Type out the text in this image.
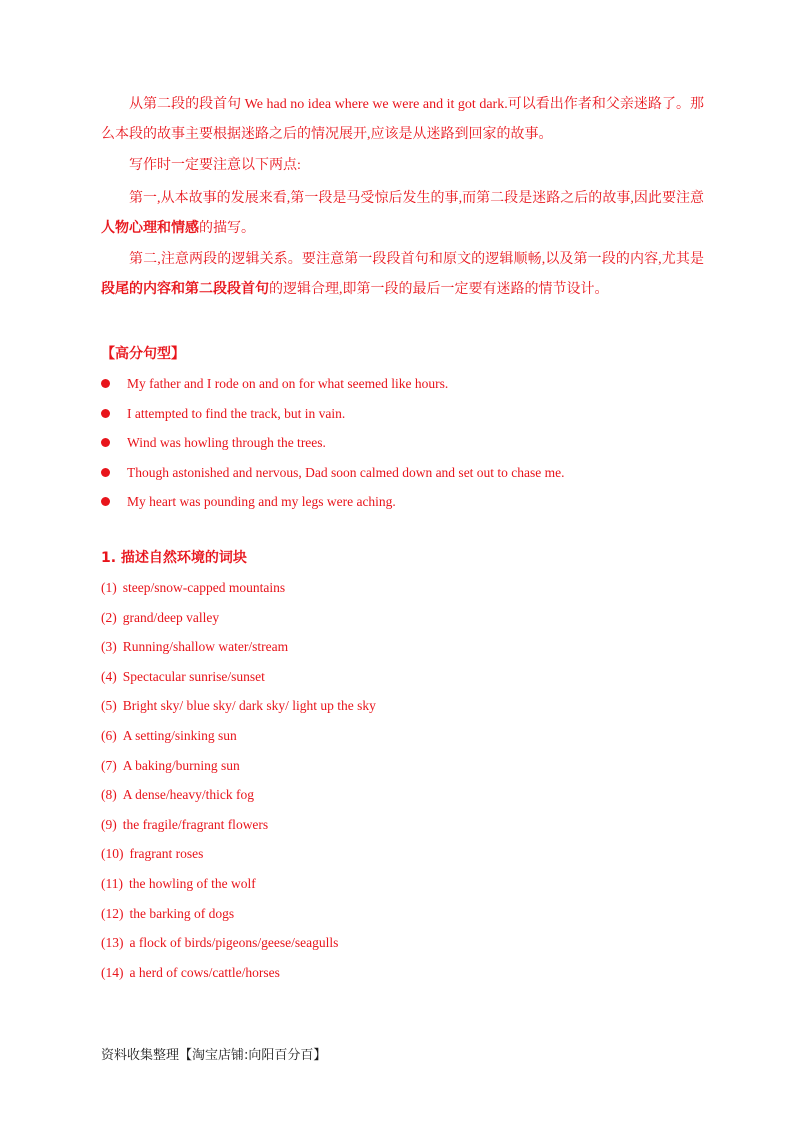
从第二段的段首句 We had no idea where we were and it got dark.可以看出作者和父亲迷路了。那么本段的故事主要根据迷路之后的情况展开,应该是从迷路到回家的故事。

写作时一定要注意以下两点:

第一,从本故事的发展来看,第一段是马受惊后发生的事,而第二段是迷路之后的故事,因此要注意人物心理和情感的描写。

第二,注意两段的逻辑关系。要注意第一段段首句和原文的逻辑顺畅,以及第一段的内容,尤其是段尾的内容和第二段段首句的逻辑合理,即第一段的最后一定要有迷路的情节设计。

【高分句型】
My father and I rode on and on for what seemed like hours.
I attempted to find the track, but in vain.
Wind was howling through the trees.
Though astonished and nervous, Dad soon calmed down and set out to chase me.
My heart was pounding and my legs were aching.
1. 描述自然环境的词块
(1) steep/snow-capped mountains
(2) grand/deep valley
(3) Running/shallow water/stream
(4) Spectacular sunrise/sunset
(5) Bright sky/ blue sky/ dark sky/ light up the sky
(6) A setting/sinking sun
(7) A baking/burning sun
(8) A dense/heavy/thick fog
(9) the fragile/fragrant flowers
(10) fragrant roses
(11) the howling of the wolf
(12) the barking of dogs
(13) a flock of birds/pigeons/geese/seagulls
(14) a herd of cows/cattle/horses
资料收集整理【淘宝店铺:向阳百分百】
